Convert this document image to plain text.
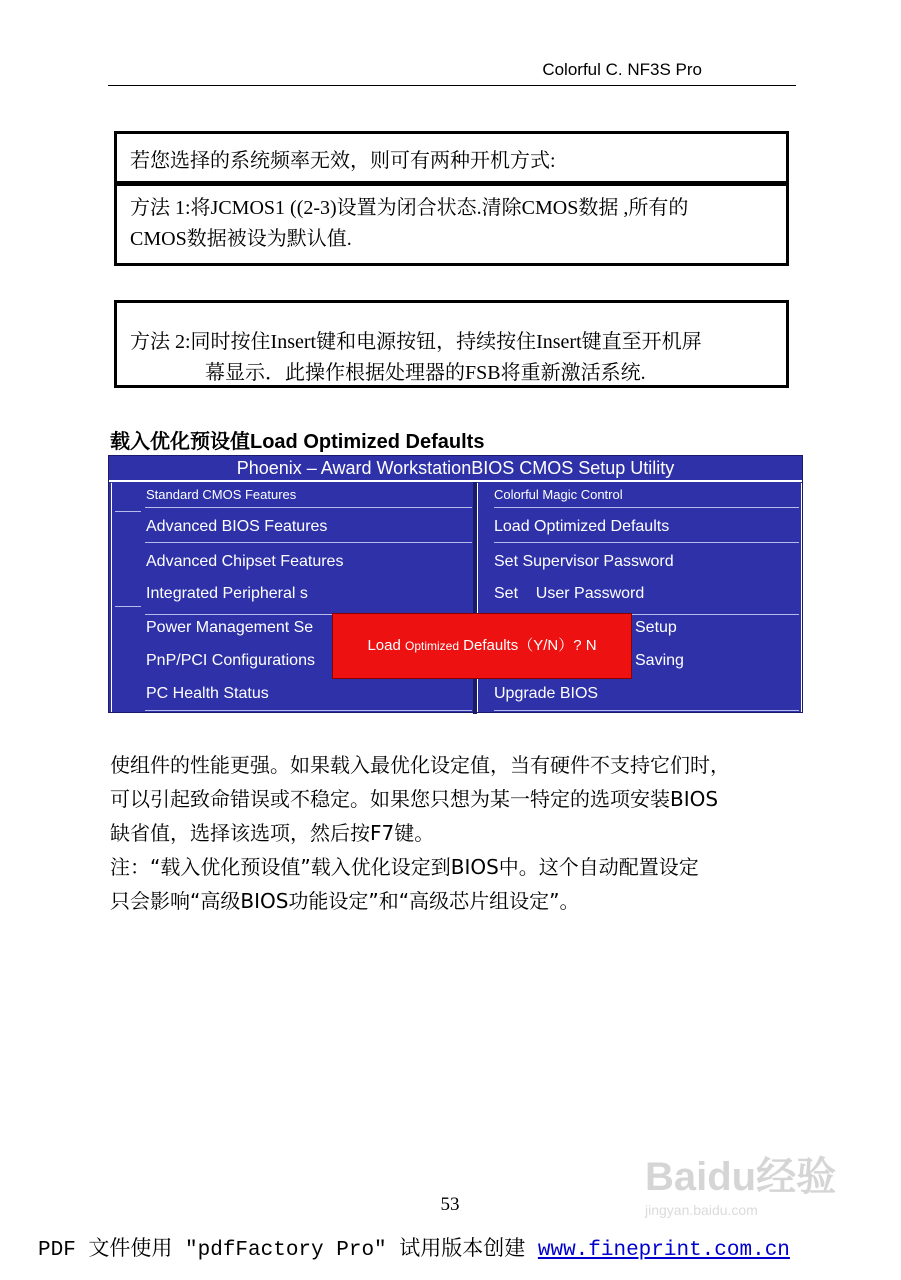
Colorful C. NF3S Pro
若您选择的系统频率无效，则可有两种开机方式:
方法 1:将JCMOS1 ((2-3)设置为闭合状态.清除CMOS数据 ,所有的
CMOS数据被设为默认值.
方法 2:同时按住Insert键和电源按钮，持续按住Insert键直至开机屏
幕显示．此操作根据处理器的FSB将重新激活系统.
载入优化预设值Load Optimized Defaults
Phoenix – Award WorkstationBIOS CMOS Setup Utility
Standard CMOS Features
Advanced BIOS Features
Advanced Chipset Features
Integrated Peripheral s
Power Management Se
PnP/PCI Configurations
PC Health Status
Colorful Magic Control
Load Optimized Defaults
Set Supervisor Password
Set    User Password
Setup
Saving
Upgrade BIOS
Load Optimized Defaults（Y/N）? N

使组件的性能更强。如果载入最优化设定值，当有硬件不支持它们时，

可以引起致命错误或不稳定。如果您只想为某一特定的选项安装BIOS

缺省值，选择该选项，然后按F7键。

注：“载入优化预设值”载入优化设定到BIOS中。这个自动配置设定

只会影响“高级BIOS功能设定”和“高级芯片组设定”。

Baidu经验
jingyan.baidu.com
53
PDF 文件使用 "pdfFactory Pro" 试用版本创建 www.fineprint.com.cn
